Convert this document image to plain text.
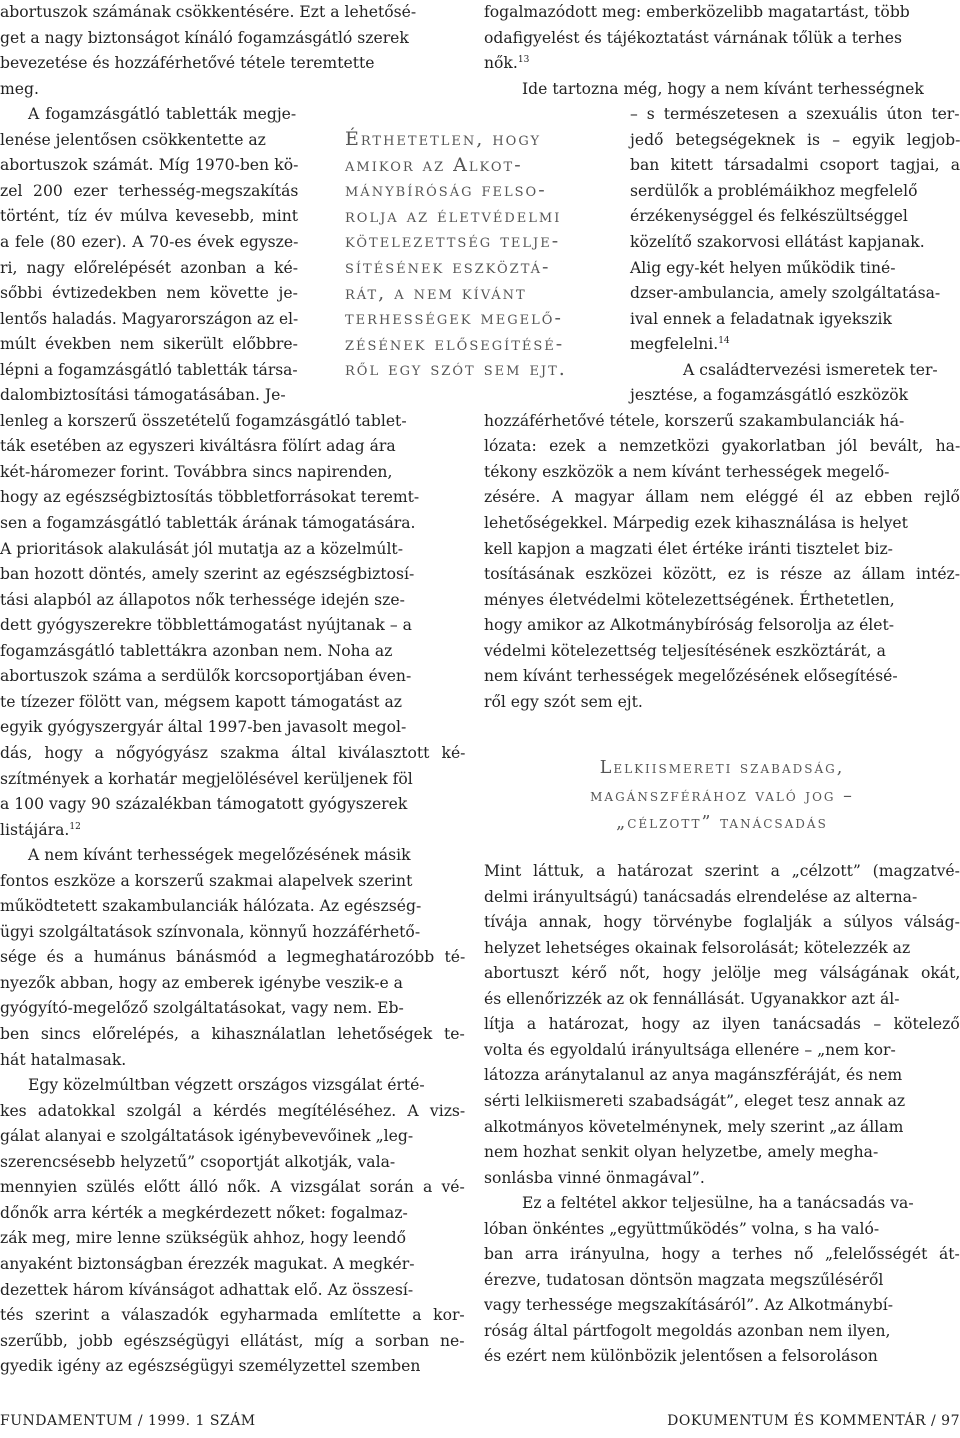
abortuszok számának csökkentésére. Ezt a lehetősé-
get a nagy biztonságot kínáló fogamzásgátló szerek
bevezetése és hozzáférhetővé tétele teremtette
meg.
A fogamzásgátló tabletták megje-
lenése jelentősen csökkentette az
abortuszok számát. Míg 1970-ben kö-
zel 200 ezer terhesség-megszakítás
történt, tíz év múlva kevesebb, mint
a fele (80 ezer). A 70-es évek egysze-
ri, nagy előrelépését azonban a ké-
sőbbi évtizedekben nem követte je-
lentős haladás. Magyarországon az el-
múlt években nem sikerült előbbre-
lépni a fogamzásgátló tabletták társa-
dalombiztosítási támogatásában. Je-
lenleg a korszerű összetételű fogamzásgátló tablet-
ták esetében az egyszeri kiváltásra fölírt adag ára
két-háromezer forint. Továbbra sincs napirenden,
hogy az egészségbiztosítás többletforrásokat teremt-
sen a fogamzásgátló tabletták árának támogatására.
A prioritások alakulását jól mutatja az a közelmúlt-
ban hozott döntés, amely szerint az egészségbiztosí-
tási alapból az állapotos nők terhessége idején sze-
dett gyógyszerekre többlettámogatást nyújtanak – a
fogamzásgátló tablettákra azonban nem. Noha az
abortuszok száma a serdülők korcsoportjában éven-
te tízezer fölött van, mégsem kapott támogatást az
egyik gyógyszergyár által 1997-ben javasolt megol-
dás, hogy a nőgyógyász szakma által kiválasztott ké-
szítmények a korhatár megjelölésével kerüljenek föl
a 100 vagy 90 százalékban támogatott gyógyszerek
listájára.$^{12}$
A nem kívánt terhességek megelőzésének másik
fontos eszköze a korszerű szakmai alapelvek szerint
működtetett szakambulanciák hálózata. Az egészség-
ügyi szolgáltatások színvonala, könnyű hozzáférhető-
sége és a humánus bánásmód a legmeghatározóbb té-
nyezők abban, hogy az emberek igénybe veszik-e a
gyógyító-megelőző szolgáltatásokat, vagy nem. Eb-
ben sincs előrelépés, a kihasználatlan lehetőségek te-
hát hatalmasak.
Egy közelmúltban végzett országos vizsgálat érté-
kes adatokkal szolgál a kérdés megítéléséhez. A vizs-
gálat alanyai e szolgáltatások igénybevevőinek „leg-
szerencsésebb helyzetű” csoportját alkotják, vala-
mennyien szülés előtt álló nők. A vizsgálat során a vé-
dőnők arra kérték a megkérdezett nőket: fogalmaz-
zák meg, mire lenne szükségük ahhoz, hogy leendő
anyaként biztonságban érezzék magukat. A megkér-
dezettek három kívánságot adhattak elő. Az összesí-
tés szerint a válaszadók egyharmada említette a kor-
szerűbb, jobb egészségügyi ellátást, míg a sorban ne-
gyedik igény az egészségügyi személyzettel szemben
Érthetetlen, hogy
amikor az Alkot-
mánybíróság felso-
rolja az életvédelmi
kötelezettség telje-
sítésének eszköztá-
rát, a nem kívánt
terhességek megelő-
zésének elősegítésé-
ről egy szót sem ejt.
fogalmazódott meg: emberközelibb magatartást, több
odafigyelést és tájékoztatást várnának tőlük a terhes
nők.$^{13}$
Ide tartozna még, hogy a nem kívánt terhességnek
– s természetesen a szexuális úton ter-
jedő betegségeknek is – egyik legjob-
ban kitett társadalmi csoport tagjai, a
serdülők a problémáikhoz megfelelő
érzékenységgel és felkészültséggel
közelítő szakorvosi ellátást kapjanak.
Alig egy-két helyen működik tiné-
dzser-ambulancia, amely szolgáltatása-
ival ennek a feladatnak igyekszik
megfelelni.$^{14}$
A családtervezési ismeretek ter-
jesztése, a fogamzásgátló eszközök
hozzáférhetővé tétele, korszerű szakambulanciák há-
lózata: ezek a nemzetközi gyakorlatban jól bevált, ha-
tékony eszközök a nem kívánt terhességek megelő-
zésére. A magyar állam nem eléggé él az ebben rejlő
lehetőségekkel. Márpedig ezek kihasználása is helyet
kell kapjon a magzati élet értéke iránti tisztelet biz-
tosításának eszközei között, ez is része az állam intéz-
ményes életvédelmi kötelezettségének. Érthetetlen,
hogy amikor az Alkotmánybíróság felsorolja az élet-
védelmi kötelezettség teljesítésének eszköztárát, a
nem kívánt terhességek megelőzésének elősegítésé-
ről egy szót sem ejt.
Lelkiismereti szabadság,
magánszférához való jog –
„célzott” tanácsadás
Mint láttuk, a határozat szerint a „célzott” (magzatvé-
delmi irányultságú) tanácsadás elrendelése az alterna-
tívája annak, hogy törvénybe foglalják a súlyos válság-
helyzet lehetséges okainak felsorolását; kötelezzék az
abortuszt kérő nőt, hogy jelölje meg válságának okát,
és ellenőrizzék az ok fennállását. Ugyanakkor azt ál-
lítja a határozat, hogy az ilyen tanácsadás – kötelező
volta és egyoldalú irányultsága ellenére – „nem kor-
látozza aránytalanul az anya magánszféráját, és nem
sérti lelkiismereti szabadságát”, eleget tesz annak az
alkotmányos követelménynek, mely szerint „az állam
nem hozhat senkit olyan helyzetbe, amely megha-
sonlásba vinné önmagával”.
Ez a feltétel akkor teljesülne, ha a tanácsadás va-
lóban önkéntes „együttműködés” volna, s ha való-
ban arra irányulna, hogy a terhes nő „felelősségét át-
érezve, tudatosan döntsön magzata megszűléséről
vagy terhessége megszakításáról”. Az Alkotmánybí-
róság által pártfogolt megoldás azonban nem ilyen,
és ezért nem különbözik jelentősen a felsoroláson
FUNDAMENTUM / 1999. 1 SZÁM	DOKUMENTUM ÉS KOMMENTÁR / 97
